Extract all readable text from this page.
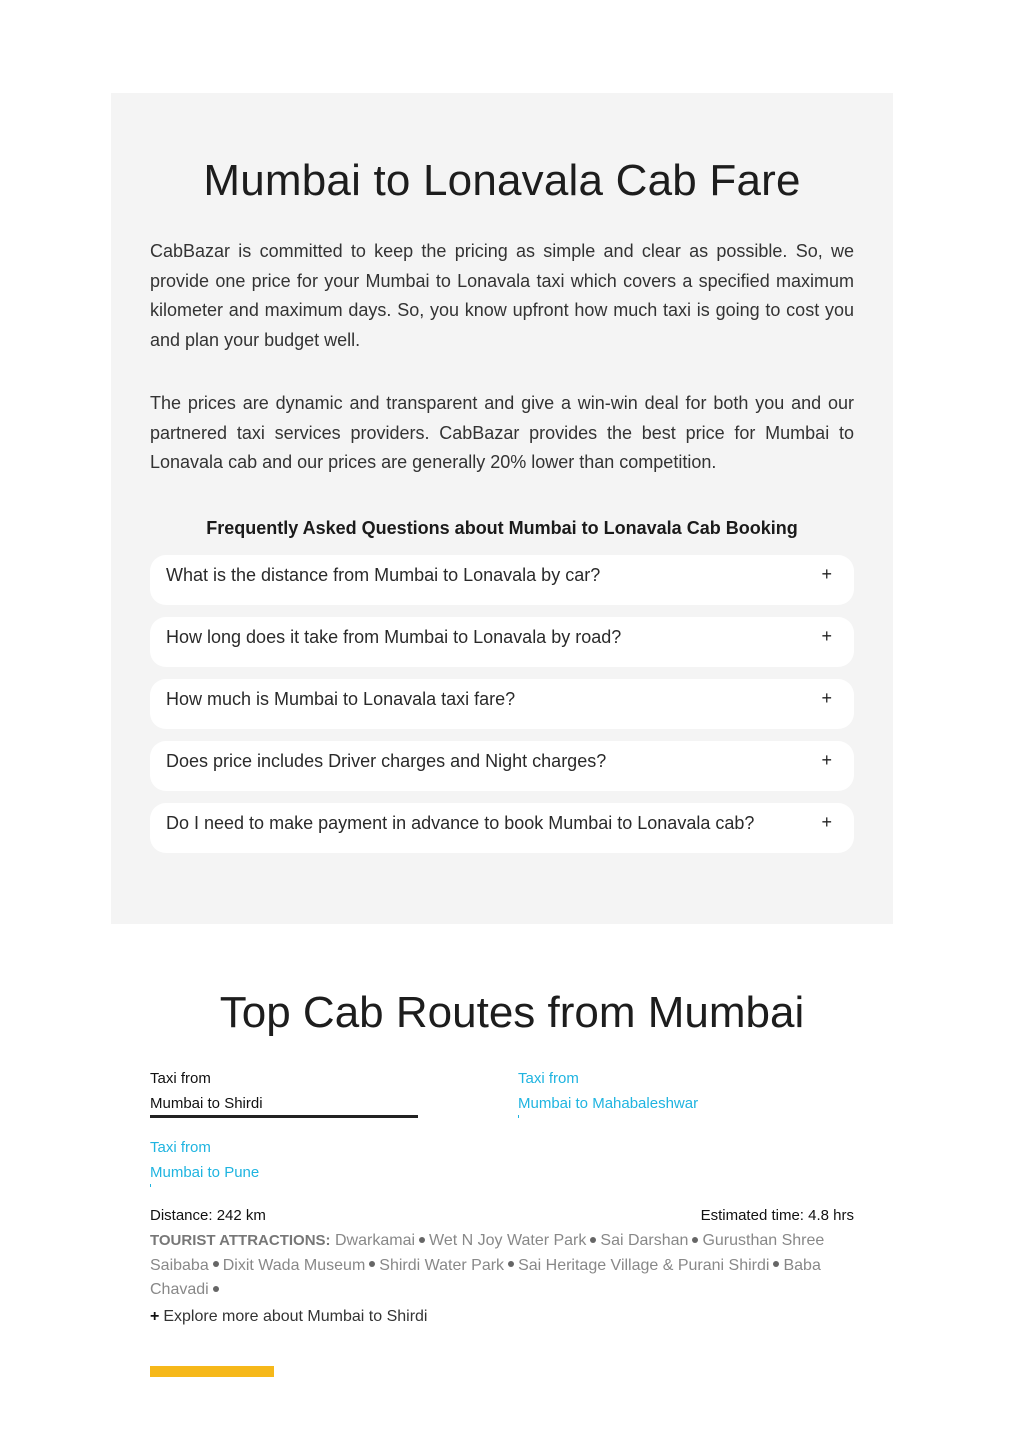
Mumbai to Lonavala Cab Fare

CabBazar is committed to keep the pricing as simple and clear as possible. So, we provide one price for your Mumbai to Lonavala taxi which covers a specified maximum kilometer and maximum days. So, you know upfront how much taxi is going to cost you and plan your budget well.

The prices are dynamic and transparent and give a win-win deal for both you and our partnered taxi services providers. CabBazar provides the best price for Mumbai to Lonavala cab and our prices are generally 20% lower than competition.

Frequently Asked Questions about Mumbai to Lonavala Cab Booking
What is the distance from Mumbai to Lonavala by car?	+
How long does it take from Mumbai to Lonavala by road?	+
How much is Mumbai to Lonavala taxi fare?	+
Does price includes Driver charges and Night charges?	+
Do I need to make payment in advance to book Mumbai to Lonavala cab?	+
Top Cab Routes from Mumbai
Taxi from
Mumbai to Shirdi
Taxi from
Mumbai to Mahabaleshwar
Taxi from
Mumbai to Pune
Distance: 242 km	Estimated time: 4.8 hrs
TOURIST ATTRACTIONS: Dwarkamai Wet N Joy Water Park Sai Darshan Gurusthan Shree Saibaba Dixit Wada Museum Shirdi Water Park Sai Heritage Village & Purani Shirdi Baba Chavadi
+ Explore more about Mumbai to Shirdi
